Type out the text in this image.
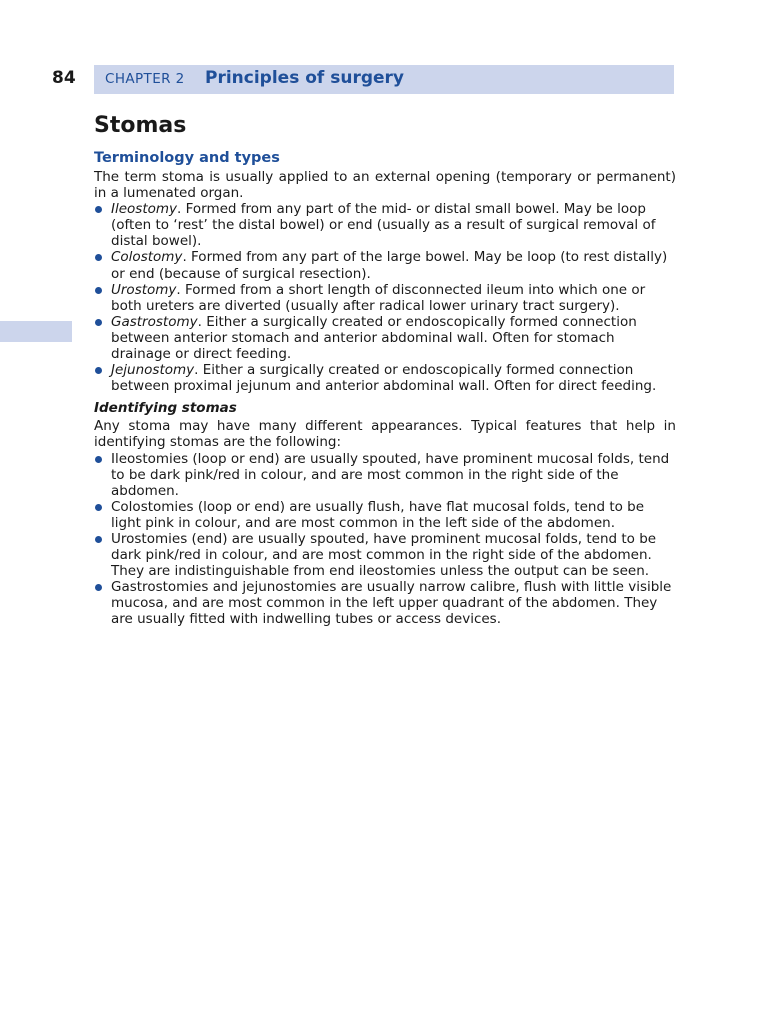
84 CHAPTER 2 Principles of surgery
Stomas
Terminology and types

The term stoma is usually applied to an external opening (temporary or permanent) in a lumenated organ.

Ileostomy. Formed from any part of the mid- or distal small bowel. May be loop (often to ‘rest’ the distal bowel) or end (usually as a result of surgical removal of distal bowel).
Colostomy. Formed from any part of the large bowel. May be loop (to rest distally) or end (because of surgical resection).
Urostomy. Formed from a short length of disconnected ileum into which one or both ureters are diverted (usually after radical lower urinary tract surgery).
Gastrostomy. Either a surgically created or endoscopically formed connection between anterior stomach and anterior abdominal wall. Often for stomach drainage or direct feeding.
Jejunostomy. Either a surgically created or endoscopically formed connection between proximal jejunum and anterior abdominal wall. Often for direct feeding.
Identifying stomas

Any stoma may have many different appearances. Typical features that help in identifying stomas are the following:

Ileostomies (loop or end) are usually spouted, have prominent mucosal folds, tend to be dark pink/red in colour, and are most common in the right side of the abdomen.
Colostomies (loop or end) are usually flush, have flat mucosal folds, tend to be light pink in colour, and are most common in the left side of the abdomen.
Urostomies (end) are usually spouted, have prominent mucosal folds, tend to be dark pink/red in colour, and are most common in the right side of the abdomen. They are indistinguishable from end ileostomies unless the output can be seen.
Gastrostomies and jejunostomies are usually narrow calibre, flush with little visible mucosa, and are most common in the left upper quadrant of the abdomen. They are usually fitted with indwelling tubes or access devices.
